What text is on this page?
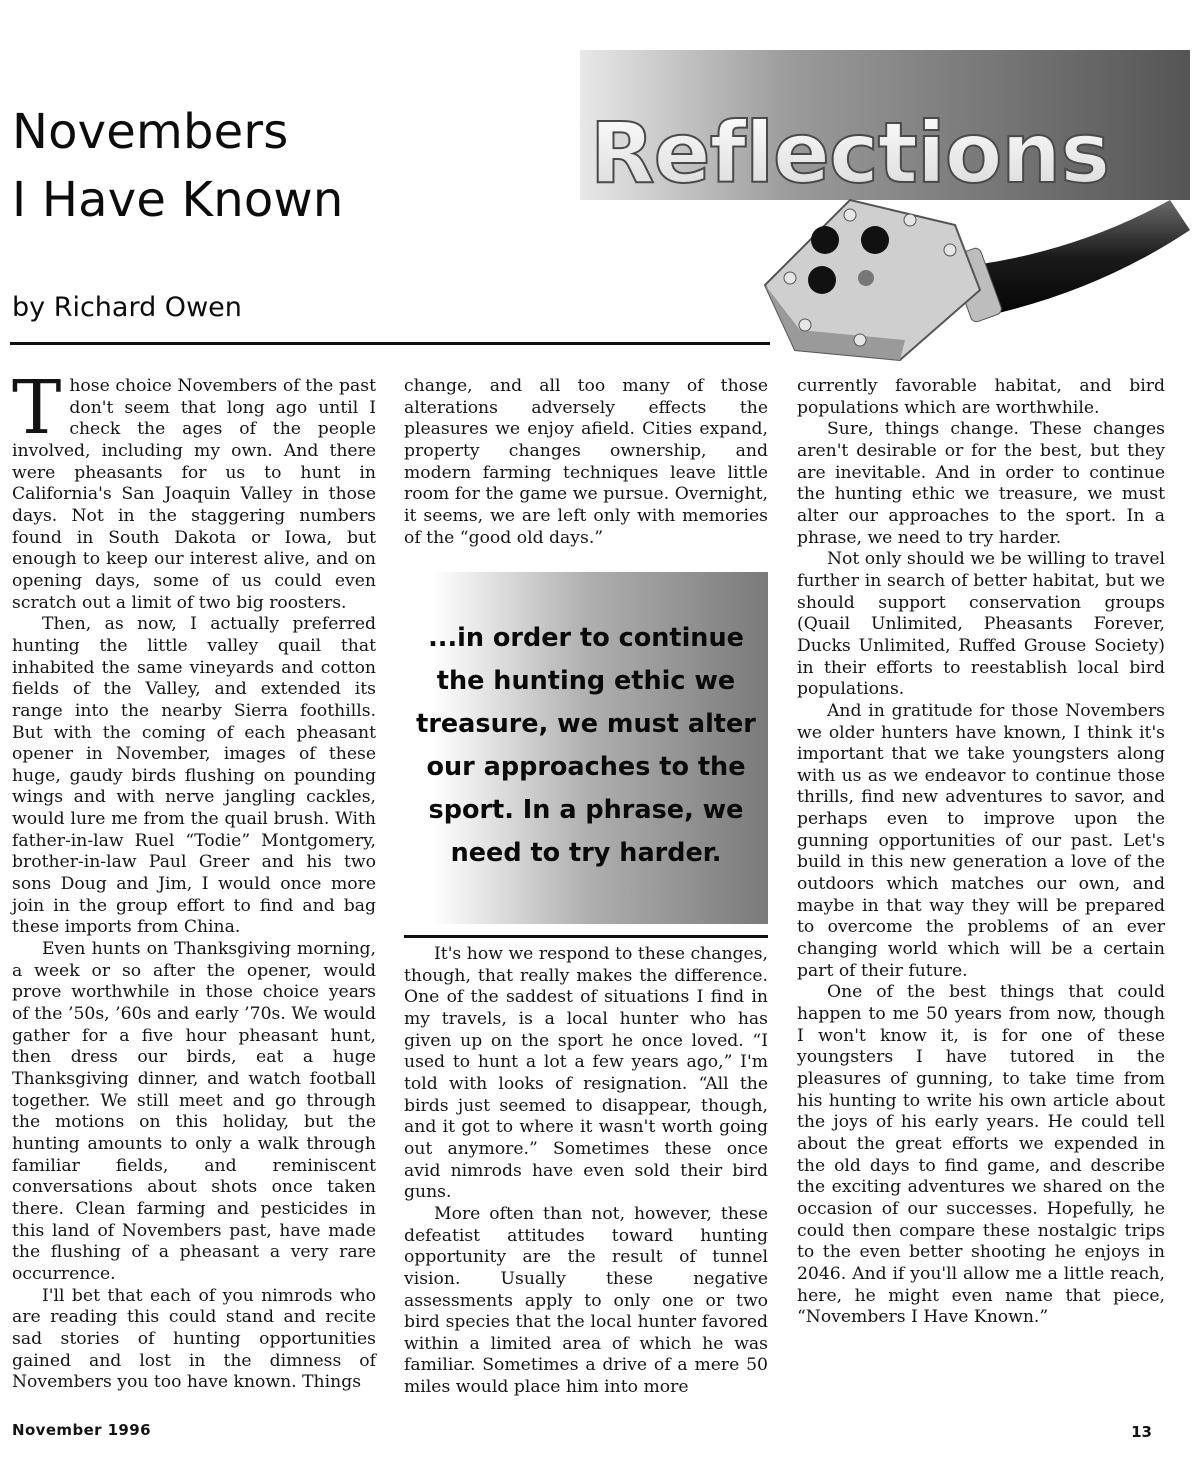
Novembers
I Have Known
by Richard Owen
Reflections

Those choice Novembers of the past don't seem that long ago until I check the ages of the people involved, including my own. And there were pheasants for us to hunt in California's San Joaquin Valley in those days. Not in the staggering numbers found in South Dakota or Iowa, but enough to keep our interest alive, and on opening days, some of us could even scratch out a limit of two big roosters.

Then, as now, I actually preferred hunting the little valley quail that inhabited the same vineyards and cotton fields of the Valley, and extended its range into the nearby Sierra foothills. But with the coming of each pheasant opener in November, images of these huge, gaudy birds flushing on pounding wings and with nerve jangling cackles, would lure me from the quail brush. With father-in-law Ruel “Todie” Montgomery, brother-in-law Paul Greer and his two sons Doug and Jim, I would once more join in the group effort to find and bag these imports from China.

Even hunts on Thanksgiving morning, a week or so after the opener, would prove worthwhile in those choice years of the ’50s, ’60s and early ’70s. We would gather for a five hour pheasant hunt, then dress our birds, eat a huge Thanksgiving dinner, and watch football together. We still meet and go through the motions on this holiday, but the hunting amounts to only a walk through familiar fields, and reminiscent conversations about shots once taken there. Clean farming and pesticides in this land of Novembers past, have made the flushing of a pheasant a very rare occurrence.

I'll bet that each of you nimrods who are reading this could stand and recite sad stories of hunting opportunities gained and lost in the dimness of Novembers you too have known. Things

change, and all too many of those alterations adversely effects the pleasures we enjoy afield. Cities expand, property changes ownership, and modern farming techniques leave little room for the game we pursue. Overnight, it seems, we are left only with memories of the “good old days.”

...in order to continue the hunting ethic we treasure, we must alter our approaches to the sport. In a phrase, we need to try harder.

It's how we respond to these changes, though, that really makes the difference. One of the saddest of situations I find in my travels, is a local hunter who has given up on the sport he once loved. “I used to hunt a lot a few years ago,” I'm told with looks of resignation. “All the birds just seemed to disappear, though, and it got to where it wasn't worth going out anymore.” Sometimes these once avid nimrods have even sold their bird guns.

More often than not, however, these defeatist attitudes toward hunting opportunity are the result of tunnel vision. Usually these negative assessments apply to only one or two bird species that the local hunter favored within a limited area of which he was familiar. Sometimes a drive of a mere 50 miles would place him into more

currently favorable habitat, and bird populations which are worthwhile.

Sure, things change. These changes aren't desirable or for the best, but they are inevitable. And in order to continue the hunting ethic we treasure, we must alter our approaches to the sport. In a phrase, we need to try harder.

Not only should we be willing to travel further in search of better habitat, but we should support conservation groups (Quail Unlimited, Pheasants Forever, Ducks Unlimited, Ruffed Grouse Society) in their efforts to reestablish local bird populations.

And in gratitude for those Novembers we older hunters have known, I think it's important that we take youngsters along with us as we endeavor to continue those thrills, find new adventures to savor, and perhaps even to improve upon the gunning opportunities of our past. Let's build in this new generation a love of the outdoors which matches our own, and maybe in that way they will be prepared to overcome the problems of an ever changing world which will be a certain part of their future.

One of the best things that could happen to me 50 years from now, though I won't know it, is for one of these youngsters I have tutored in the pleasures of gunning, to take time from his hunting to write his own article about the joys of his early years. He could tell about the great efforts we expended in the old days to find game, and describe the exciting adventures we shared on the occasion of our successes. Hopefully, he could then compare these nostalgic trips to the even better shooting he enjoys in 2046. And if you'll allow me a little reach, here, he might even name that piece, “Novembers I Have Known.”

November 1996	13
